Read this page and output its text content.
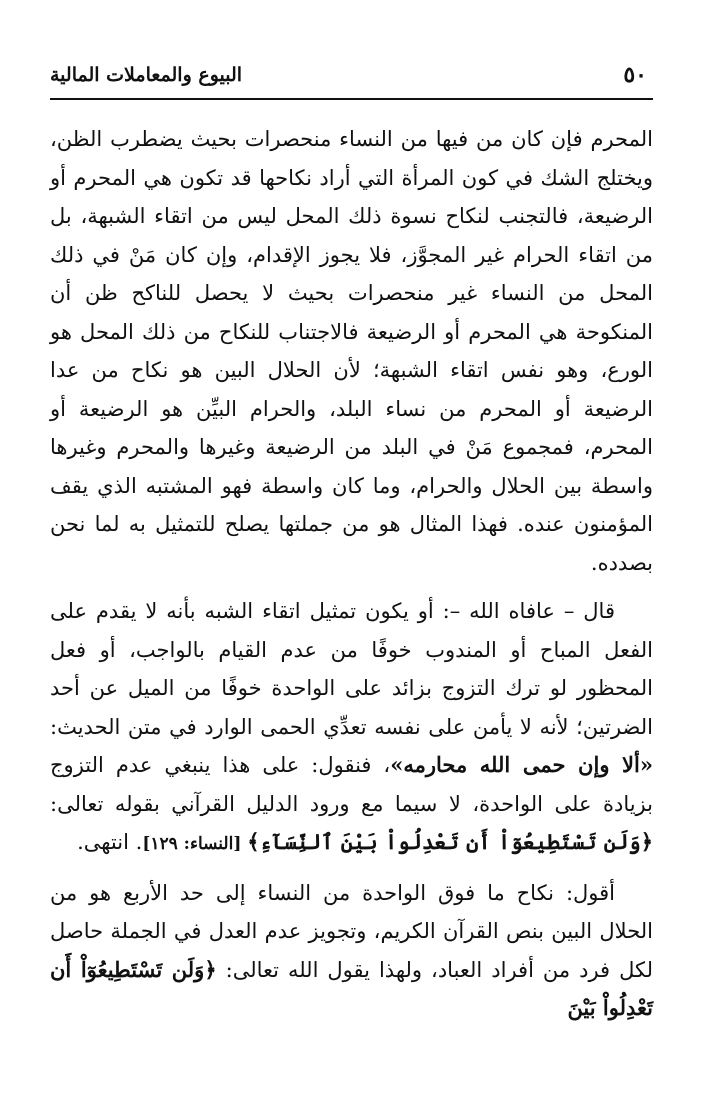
٥٠
البيوع والمعاملات المالية

المحرم فإن كان من فيها من النساء منحصرات بحيث يضطرب الظن، ويختلج الشك في كون المرأة التي أراد نكاحها قد تكون هي المحرم أو الرضيعة، فالتجنب لنكاح نسوة ذلك المحل ليس من اتقاء الشبهة، بل من اتقاء الحرام غير المجوَّز، فلا يجوز الإقدام، وإن كان مَنْ في ذلك المحل من النساء غير منحصرات بحيث لا يحصل للناكح ظن أن المنكوحة هي المحرم أو الرضيعة فالاجتناب للنكاح من ذلك المحل هو الورع، وهو نفس اتقاء الشبهة؛ لأن الحلال البين هو نكاح من عدا الرضيعة أو المحرم من نساء البلد، والحرام البيِّن هو الرضيعة أو المحرم، فمجموع مَنْ في البلد من الرضيعة وغيرها والمحرم وغيرها واسطة بين الحلال والحرام، وما كان واسطة فهو المشتبه الذي يقف المؤمنون عنده. فهذا المثال هو من جملتها يصلح للتمثيل به لما نحن بصدده.

قال – عافاه الله –: أو يكون تمثيل اتقاء الشبه بأنه لا يقدم على الفعل المباح أو المندوب خوفًا من عدم القيام بالواجب، أو فعل المحظور لو ترك التزوج بزائد على الواحدة خوفًا من الميل عن أحد الضرتين؛ لأنه لا يأمن على نفسه تعدِّي الحمى الوارد في متن الحديث: «ألا وإن حمى الله محارمه»، فنقول: على هذا ينبغي عدم التزوج بزيادة على الواحدة، لا سيما مع ورود الدليل القرآني بقوله تعالى: ﴿وَلَن تَسْتَطِيعُوٓاْ أَن تَعْدِلُواْ بَيْنَ ٱلنِّسَآءِ﴾ [النساء: ١٢٩]. انتهى.

أقول: نكاح ما فوق الواحدة من النساء إلى حد الأربع هو من الحلال البين بنص القرآن الكريم، وتجويز عدم العدل في الجملة حاصل لكل فرد من أفراد العباد، ولهذا يقول الله تعالى: ﴿وَلَن تَسْتَطِيعُوٓاْ أَن تَعْدِلُواْ بَيْنَ
